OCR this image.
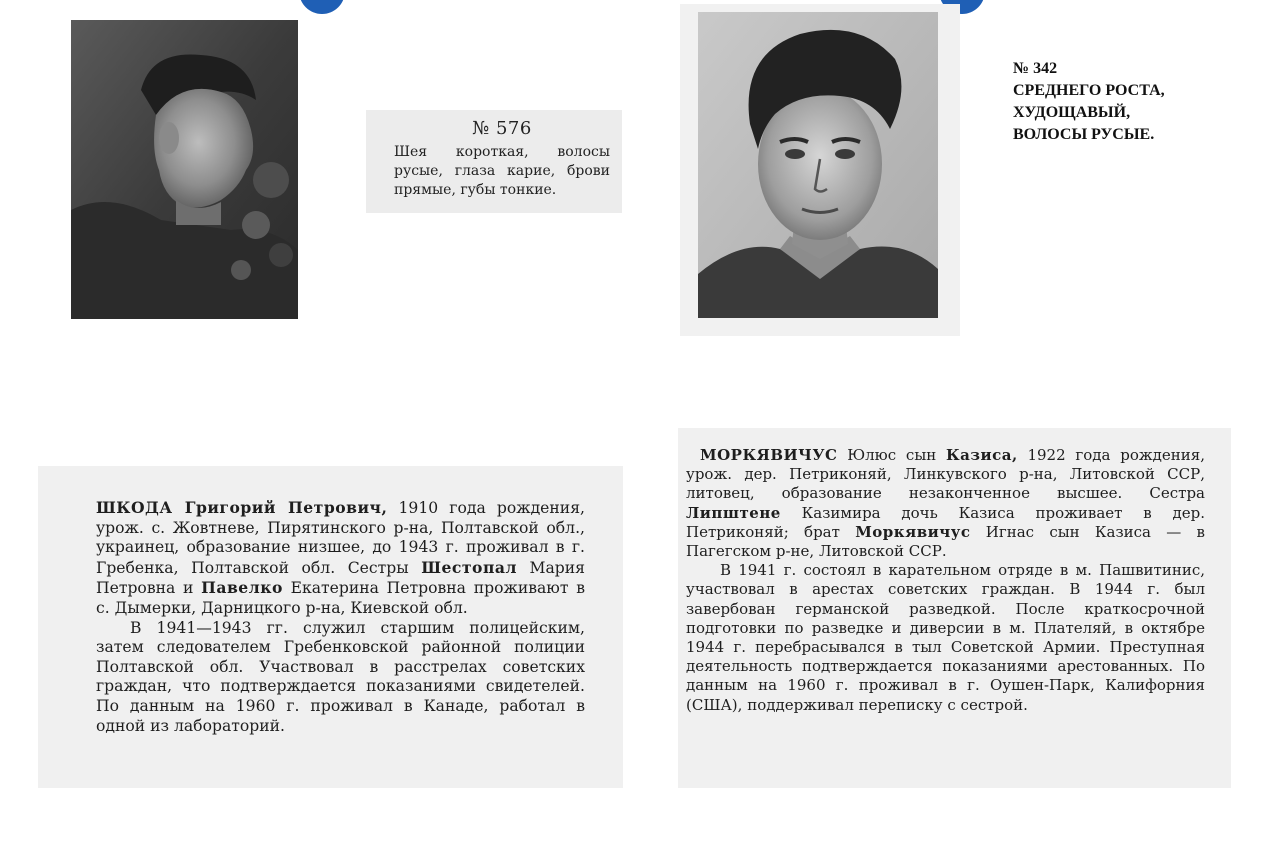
№ 576

Шея короткая, волосы русые, глаза карие, брови прямые, губы тонкие.

№ 342
СРЕДНЕГО РОСТА,
ХУДОЩАВЫЙ,
ВОЛОСЫ РУСЫЕ.

ШКОДА Григорий Петрович, 1910 года рождения, урож. с. Жовтневе, Пирятинского р-на, Полтавской обл., украинец, образование низшее, до 1943 г. проживал в г. Гребенка, Полтавской обл. Сестры Шестопал Мария Петровна и Павелко Екатерина Петровна проживают в с. Дымерки, Дарницкого р-на, Киевской обл.

В 1941—1943 гг. служил старшим полицейским, затем следователем Гребенковской районной полиции Полтавской обл. Участвовал в расстрелах советских граждан, что подтверждается показаниями свидетелей. По данным на 1960 г. проживал в Канаде, работал в одной из лабораторий.

МОРКЯВИЧУС Юлюс сын Казиса, 1922 года рождения, урож. дер. Петриконяй, Линкувского р-на, Литовской ССР, литовец, образование незаконченное высшее. Сестра Липштене Казимира дочь Казиса проживает в дер. Петриконяй; брат Моркявичус Игнас сын Казиса — в Пагегском р-не, Литовской ССР.

В 1941 г. состоял в карательном отряде в м. Пашвитинис, участвовал в арестах советских граждан. В 1944 г. был завербован германской разведкой. После краткосрочной подготовки по разведке и диверсии в м. Плателяй, в октябре 1944 г. перебрасывался в тыл Советской Армии. Преступная деятельность подтверждается показаниями арестованных. По данным на 1960 г. проживал в г. Оушен-Парк, Калифорния (США), поддерживал переписку с сестрой.
